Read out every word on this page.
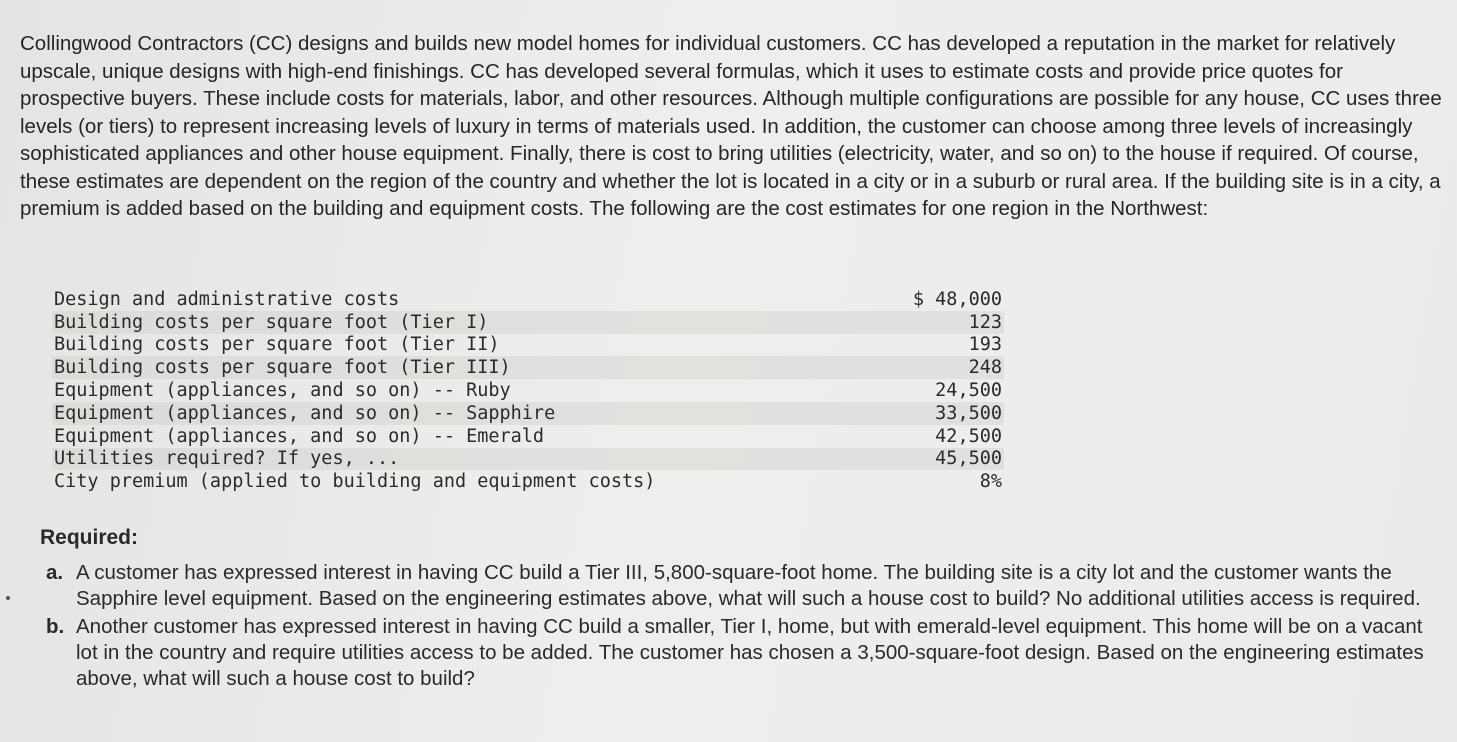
Collingwood Contractors (CC) designs and builds new model homes for individual customers. CC has developed a reputation in the market for relatively upscale, unique designs with high-end finishings. CC has developed several formulas, which it uses to estimate costs and provide price quotes for prospective buyers. These include costs for materials, labor, and other resources. Although multiple configurations are possible for any house, CC uses three levels (or tiers) to represent increasing levels of luxury in terms of materials used. In addition, the customer can choose among three levels of increasingly sophisticated appliances and other house equipment. Finally, there is cost to bring utilities (electricity, water, and so on) to the house if required. Of course, these estimates are dependent on the region of the country and whether the lot is located in a city or in a suburb or rural area. If the building site is in a city, a premium is added based on the building and equipment costs. The following are the cost estimates for one region in the Northwest:

Design and administrative costs	$ 48,000
Building costs per square foot (Tier I)	123
Building costs per square foot (Tier II)	193
Building costs per square foot (Tier III)	248
Equipment (appliances, and so on) -- Ruby	24,500
Equipment (appliances, and so on) -- Sapphire	33,500
Equipment (appliances, and so on) -- Emerald	42,500
Utilities required? If yes, ...	45,500
City premium (applied to building and equipment costs)	8%

Required:

a. A customer has expressed interest in having CC build a Tier III, 5,800-square-foot home. The building site is a city lot and the customer wants the Sapphire level equipment. Based on the engineering estimates above, what will such a house cost to build? No additional utilities access is required.
b. Another customer has expressed interest in having CC build a smaller, Tier I, home, but with emerald-level equipment. This home will be on a vacant lot in the country and require utilities access to be added. The customer has chosen a 3,500-square-foot design. Based on the engineering estimates above, what will such a house cost to build?
